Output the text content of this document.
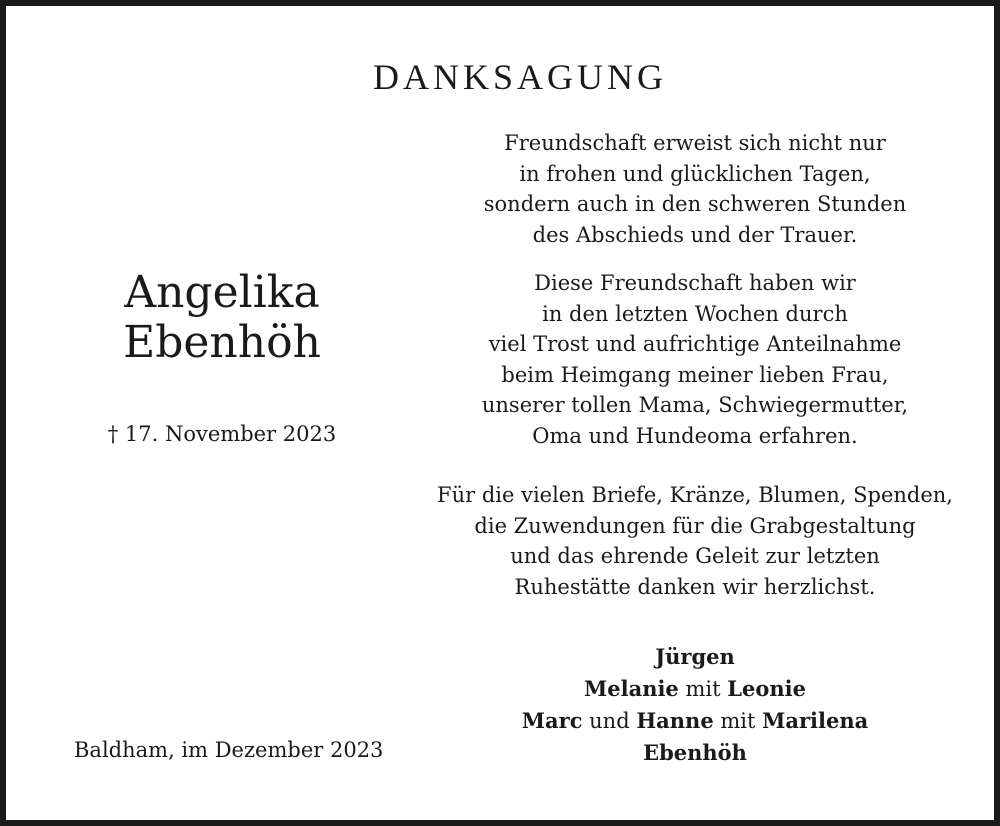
DANKSAGUNG
Angelika
Ebenhöh
† 17. November 2023
Baldham, im Dezember 2023
Freundschaft erweist sich nicht nur
in frohen und glücklichen Tagen,
sondern auch in den schweren Stunden
des Abschieds und der Trauer.
Diese Freundschaft haben wir
in den letzten Wochen durch
viel Trost und aufrichtige Anteilnahme
beim Heimgang meiner lieben Frau,
unserer tollen Mama, Schwiegermutter,
Oma und Hundeoma erfahren.
Für die vielen Briefe, Kränze, Blumen, Spenden,
die Zuwendungen für die Grabgestaltung
und das ehrende Geleit zur letzten
Ruhestätte danken wir herzlichst.
Jürgen
Melanie mit Leonie
Marc und Hanne mit Marilena
Ebenhöh
